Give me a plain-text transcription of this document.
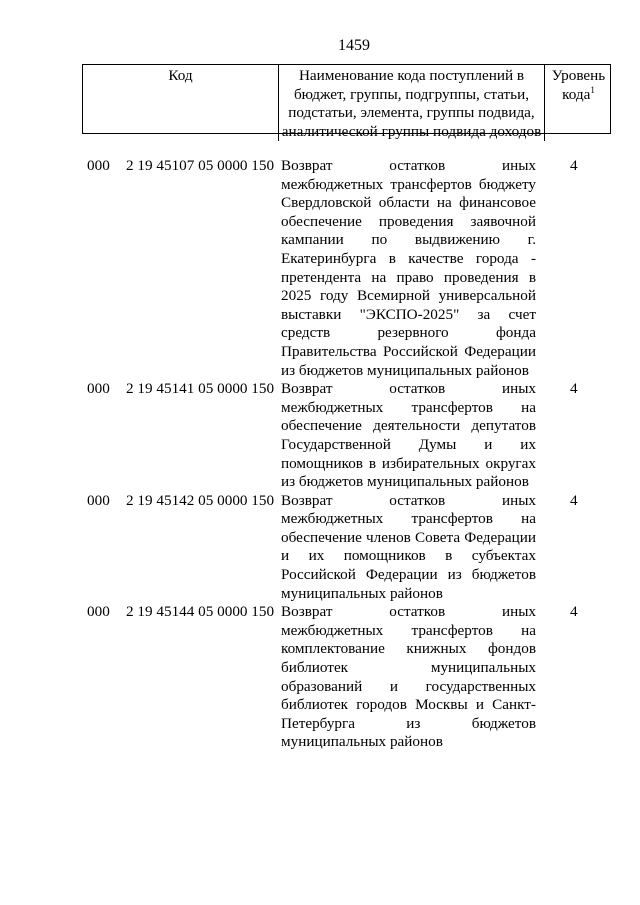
1459
Код	Наименование кода поступлений в бюджет, группы, подгруппы, статьи, подстатьи, элемента, группы подвида, аналитической группы подвида доходов
Уровень кода$^1$
000 2 19 45107 05 0000 150 Возврат остатков иных межбюджетных трансфертов бюджету Свердловской области на финансовое обеспечение проведения заявочной кампании по выдвижению г. Екатеринбурга в качестве города - претендента на право проведения в 2025 году Всемирной универсальной выставки "ЭКСПО-2025" за счет средств резервного фонда Правительства Российской Федерации из бюджетов муниципальных районов
4
000 2 19 45141 05 0000 150 Возврат остатков иных межбюджетных трансфертов на обеспечение деятельности депутатов Государственной Думы и их помощников в избирательных округах из бюджетов муниципальных районов
4
000 2 19 45142 05 0000 150 Возврат остатков иных межбюджетных трансфертов на обеспечение членов Совета Федерации и их помощников в субъектах Российской Федерации из бюджетов муниципальных районов
4
000 2 19 45144 05 0000 150 Возврат остатков иных межбюджетных трансфертов на комплектование книжных фондов библиотек муниципальных образований и государственных библиотек городов Москвы и Санкт-Петербурга из бюджетов муниципальных районов
4
